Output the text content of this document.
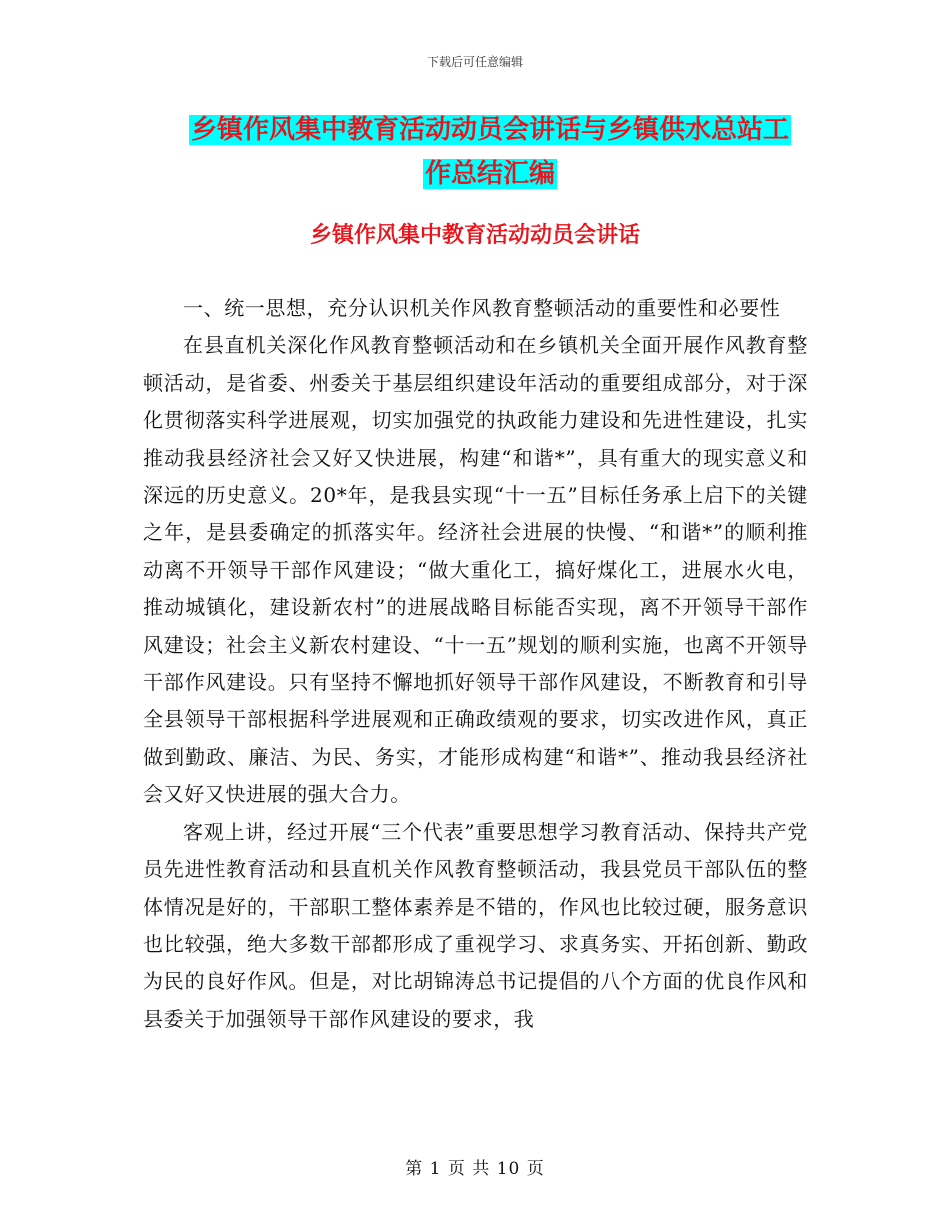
下载后可任意编辑
乡镇作风集中教育活动动员会讲话与乡镇供水总站工
作总结汇编
乡镇作风集中教育活动动员会讲话

一、统一思想，充分认识机关作风教育整顿活动的重要性和必要性

在县直机关深化作风教育整顿活动和在乡镇机关全面开展作风教育整顿活动，是省委、州委关于基层组织建设年活动的重要组成部分，对于深化贯彻落实科学进展观，切实加强党的执政能力建设和先进性建设，扎实推动我县经济社会又好又快进展，构建“和谐*”，具有重大的现实意义和深远的历史意义。20*年，是我县实现“十一五”目标任务承上启下的关键之年，是县委确定的抓落实年。经济社会进展的快慢、“和谐*”的顺利推动离不开领导干部作风建设；“做大重化工，搞好煤化工，进展水火电，推动城镇化，建设新农村”的进展战略目标能否实现，离不开领导干部作风建设；社会主义新农村建设、“十一五”规划的顺利实施，也离不开领导干部作风建设。只有坚持不懈地抓好领导干部作风建设，不断教育和引导全县领导干部根据科学进展观和正确政绩观的要求，切实改进作风，真正做到勤政、廉洁、为民、务实，才能形成构建“和谐*”、推动我县经济社会又好又快进展的强大合力。

客观上讲，经过开展“三个代表”重要思想学习教育活动、保持共产党员先进性教育活动和县直机关作风教育整顿活动，我县党员干部队伍的整体情况是好的，干部职工整体素养是不错的，作风也比较过硬，服务意识也比较强，绝大多数干部都形成了重视学习、求真务实、开拓创新、勤政为民的良好作风。但是，对比胡锦涛总书记提倡的八个方面的优良作风和县委关于加强领导干部作风建设的要求，我

第 1 页 共 10 页
